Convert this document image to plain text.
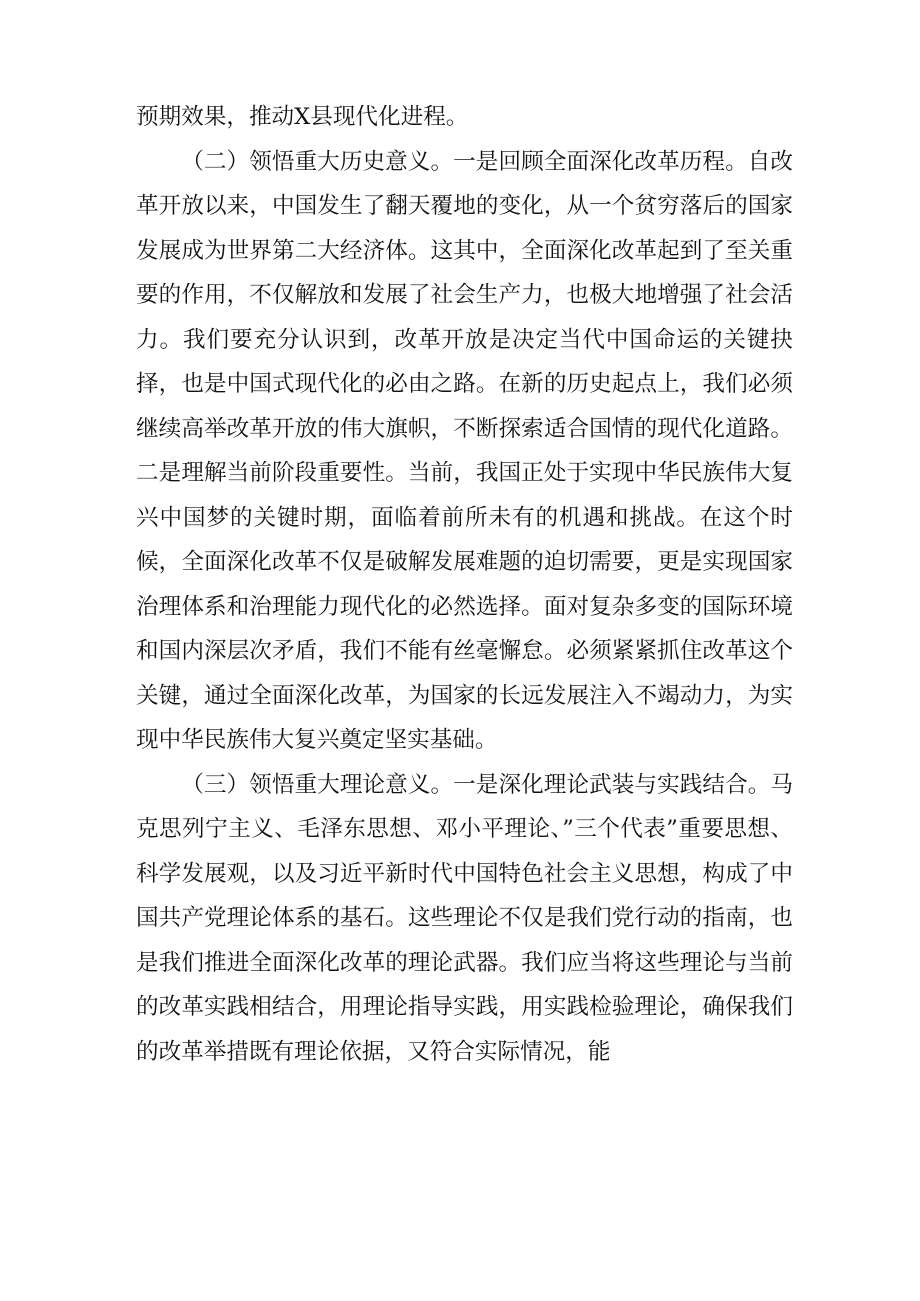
预期效果，推动X县现代化进程。

（二）领悟重大历史意义。一是回顾全面深化改革历程。自改革开放以来，中国发生了翻天覆地的变化，从一个贫穷落后的国家发展成为世界第二大经济体。这其中，全面深化改革起到了至关重要的作用，不仅解放和发展了社会生产力，也极大地增强了社会活力。我们要充分认识到，改革开放是决定当代中国命运的关键抉择，也是中国式现代化的必由之路。在新的历史起点上，我们必须继续高举改革开放的伟大旗帜，不断探索适合国情的现代化道路。二是理解当前阶段重要性。当前，我国正处于实现中华民族伟大复兴中国梦的关键时期，面临着前所未有的机遇和挑战。在这个时候，全面深化改革不仅是破解发展难题的迫切需要，更是实现国家治理体系和治理能力现代化的必然选择。面对复杂多变的国际环境和国内深层次矛盾，我们不能有丝毫懈怠。必须紧紧抓住改革这个关键，通过全面深化改革，为国家的长远发展注入不竭动力，为实现中华民族伟大复兴奠定坚实基础。

（三）领悟重大理论意义。一是深化理论武装与实践结合。马克思列宁主义、毛泽东思想、邓小平理论、”三个代表”重要思想、科学发展观，以及习近平新时代中国特色社会主义思想，构成了中国共产党理论体系的基石。这些理论不仅是我们党行动的指南，也是我们推进全面深化改革的理论武器。我们应当将这些理论与当前的改革实践相结合，用理论指导实践，用实践检验理论，确保我们的改革举措既有理论依据，又符合实际情况，能
